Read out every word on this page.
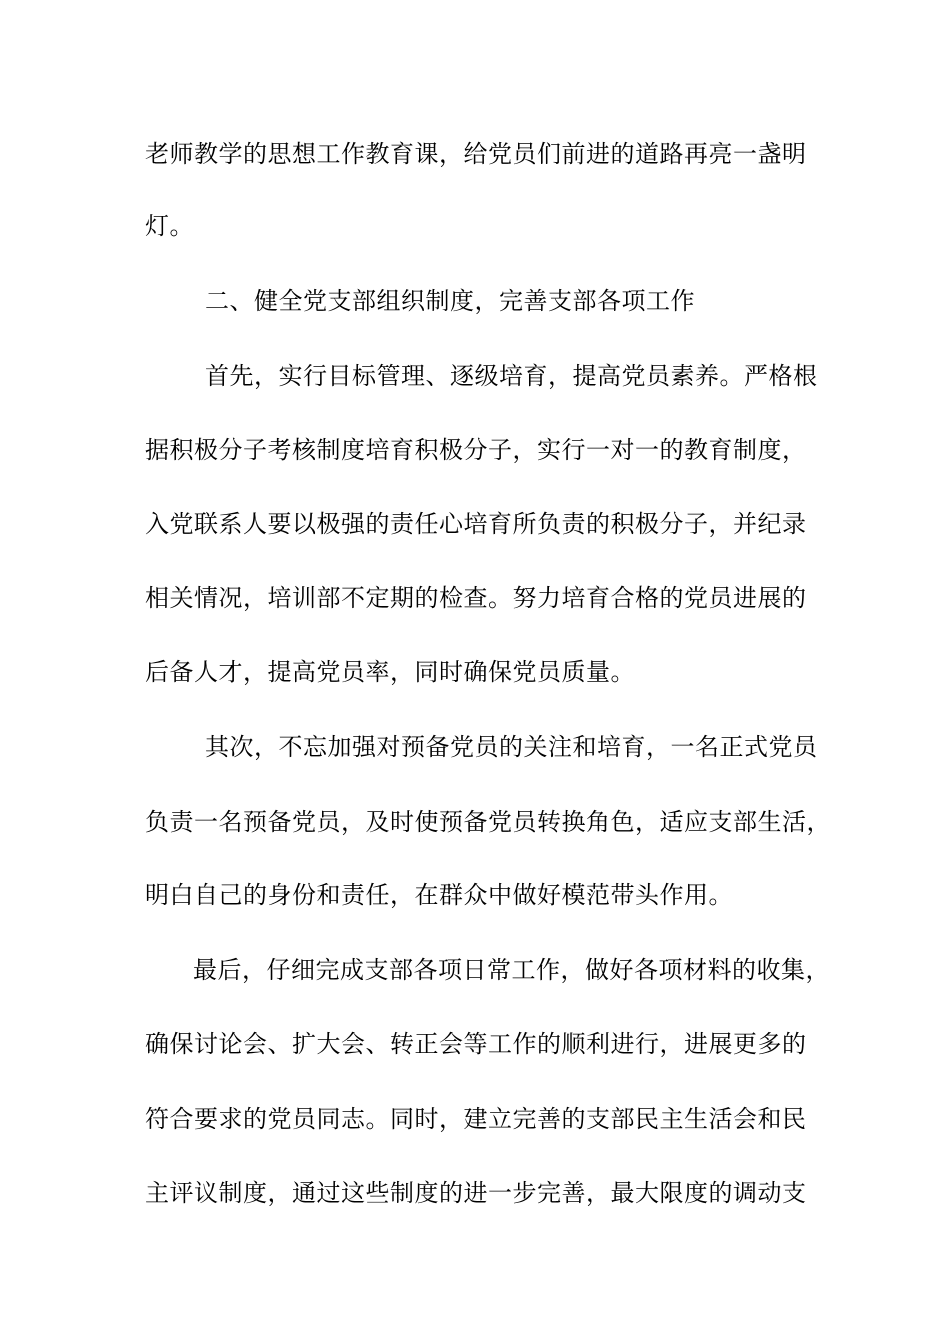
老师教学的思想工作教育课，给党员们前进的道路再亮一盏明
灯。
二、健全党支部组织制度，完善支部各项工作
首先，实行目标管理、逐级培育，提高党员素养。严格根
据积极分子考核制度培育积极分子，实行一对一的教育制度，
入党联系人要以极强的责任心培育所负责的积极分子，并纪录
相关情况，培训部不定期的检查。努力培育合格的党员进展的
后备人才，提高党员率，同时确保党员质量。
其次，不忘加强对预备党员的关注和培育，一名正式党员
负责一名预备党员，及时使预备党员转换角色，适应支部生活，
明白自己的身份和责任，在群众中做好模范带头作用。
最后，仔细完成支部各项日常工作，做好各项材料的收集，
确保讨论会、扩大会、转正会等工作的顺利进行，进展更多的
符合要求的党员同志。同时，建立完善的支部民主生活会和民
主评议制度，通过这些制度的进一步完善，最大限度的调动支
